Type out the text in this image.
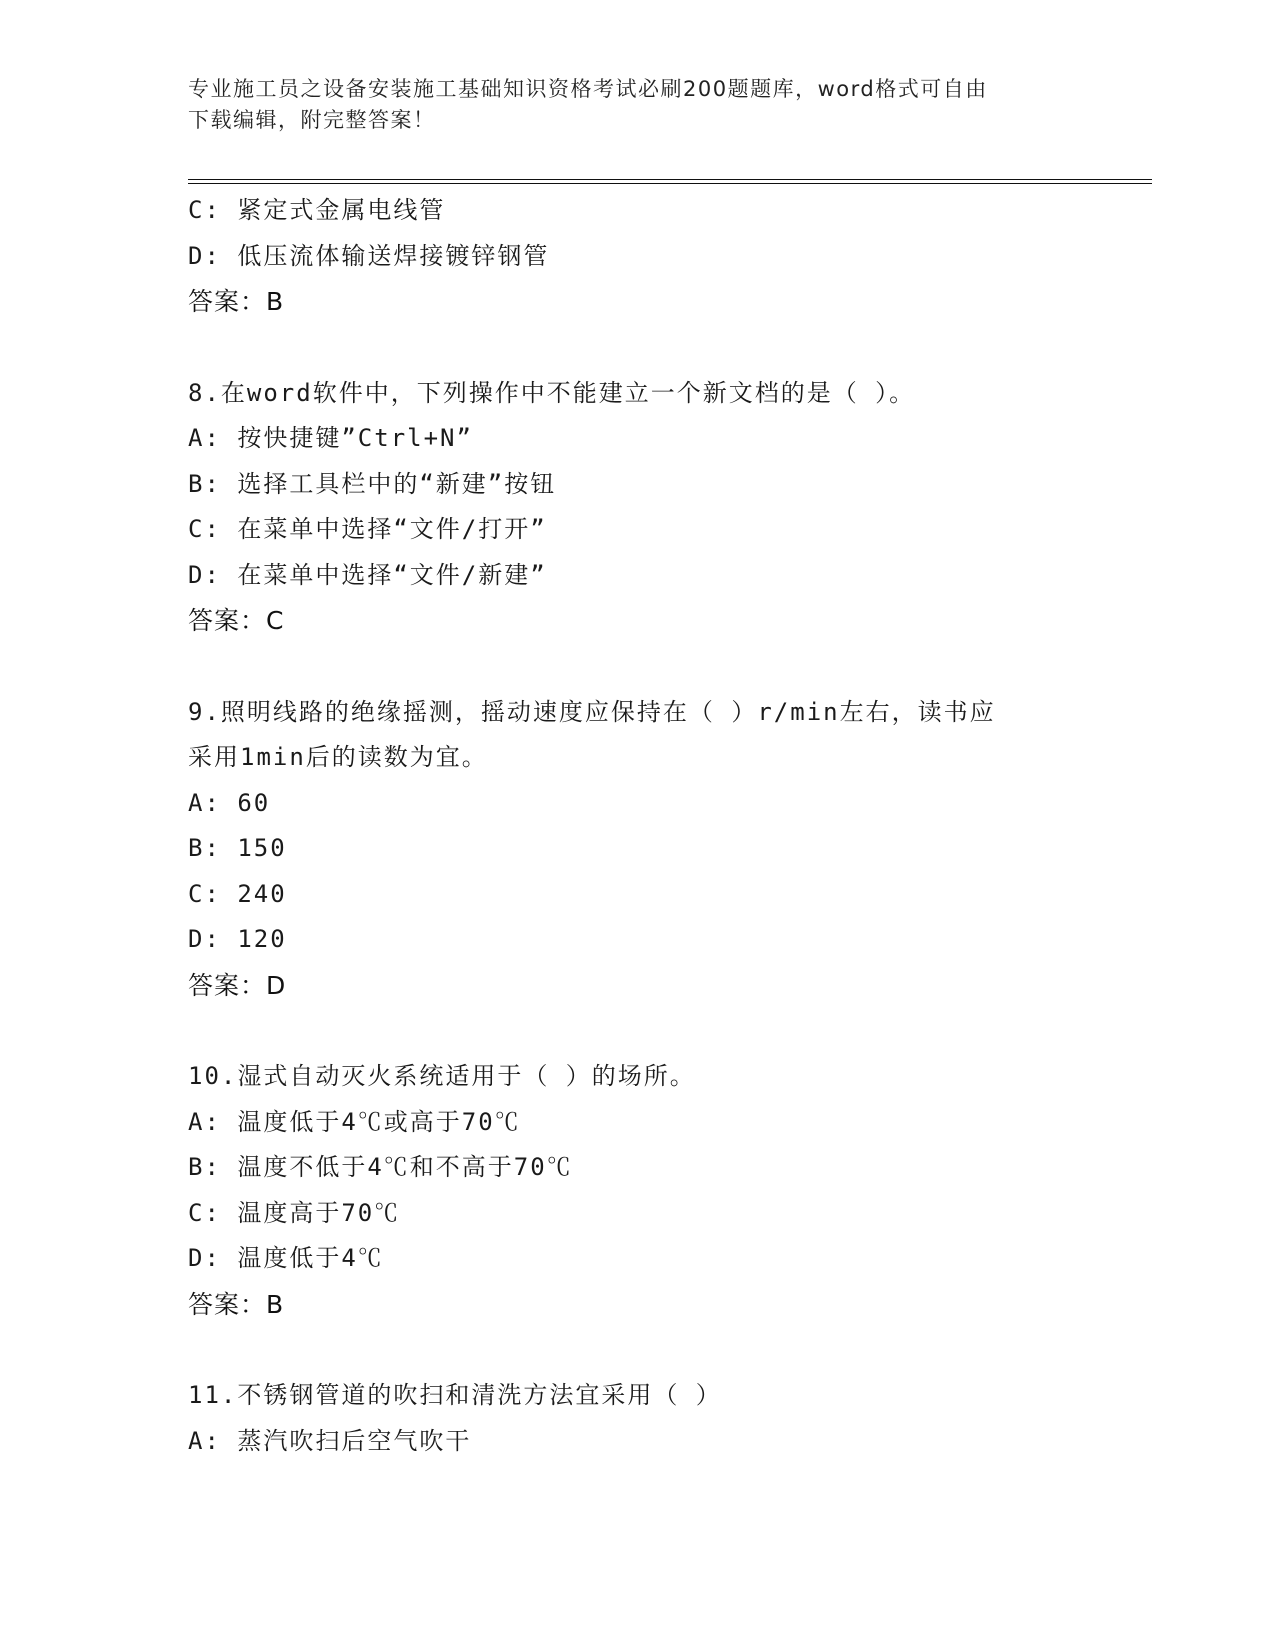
专业施工员之设备安装施工基础知识资格考试必刷200题题库，word格式可自由
下载编辑，附完整答案！
C: 紧定式金属电线管
D: 低压流体输送焊接镀锌钢管
答案：B
8.在word软件中，下列操作中不能建立一个新文档的是（ ）。
A: 按快捷键”Ctrl+N”
B: 选择工具栏中的“新建”按钮
C: 在菜单中选择“文件/打开”
D: 在菜单中选择“文件/新建”
答案：C
9.照明线路的绝缘摇测，摇动速度应保持在（ ）r/min左右，读书应
采用1min后的读数为宜。
A: 60
B: 150
C: 240
D: 120
答案：D
10.湿式自动灭火系统适用于（ ）的场所。
A: 温度低于4℃或高于70℃
B: 温度不低于4℃和不高于70℃
C: 温度高于70℃
D: 温度低于4℃
答案：B
11.不锈钢管道的吹扫和清洗方法宜采用（ ）
A: 蒸汽吹扫后空气吹干
